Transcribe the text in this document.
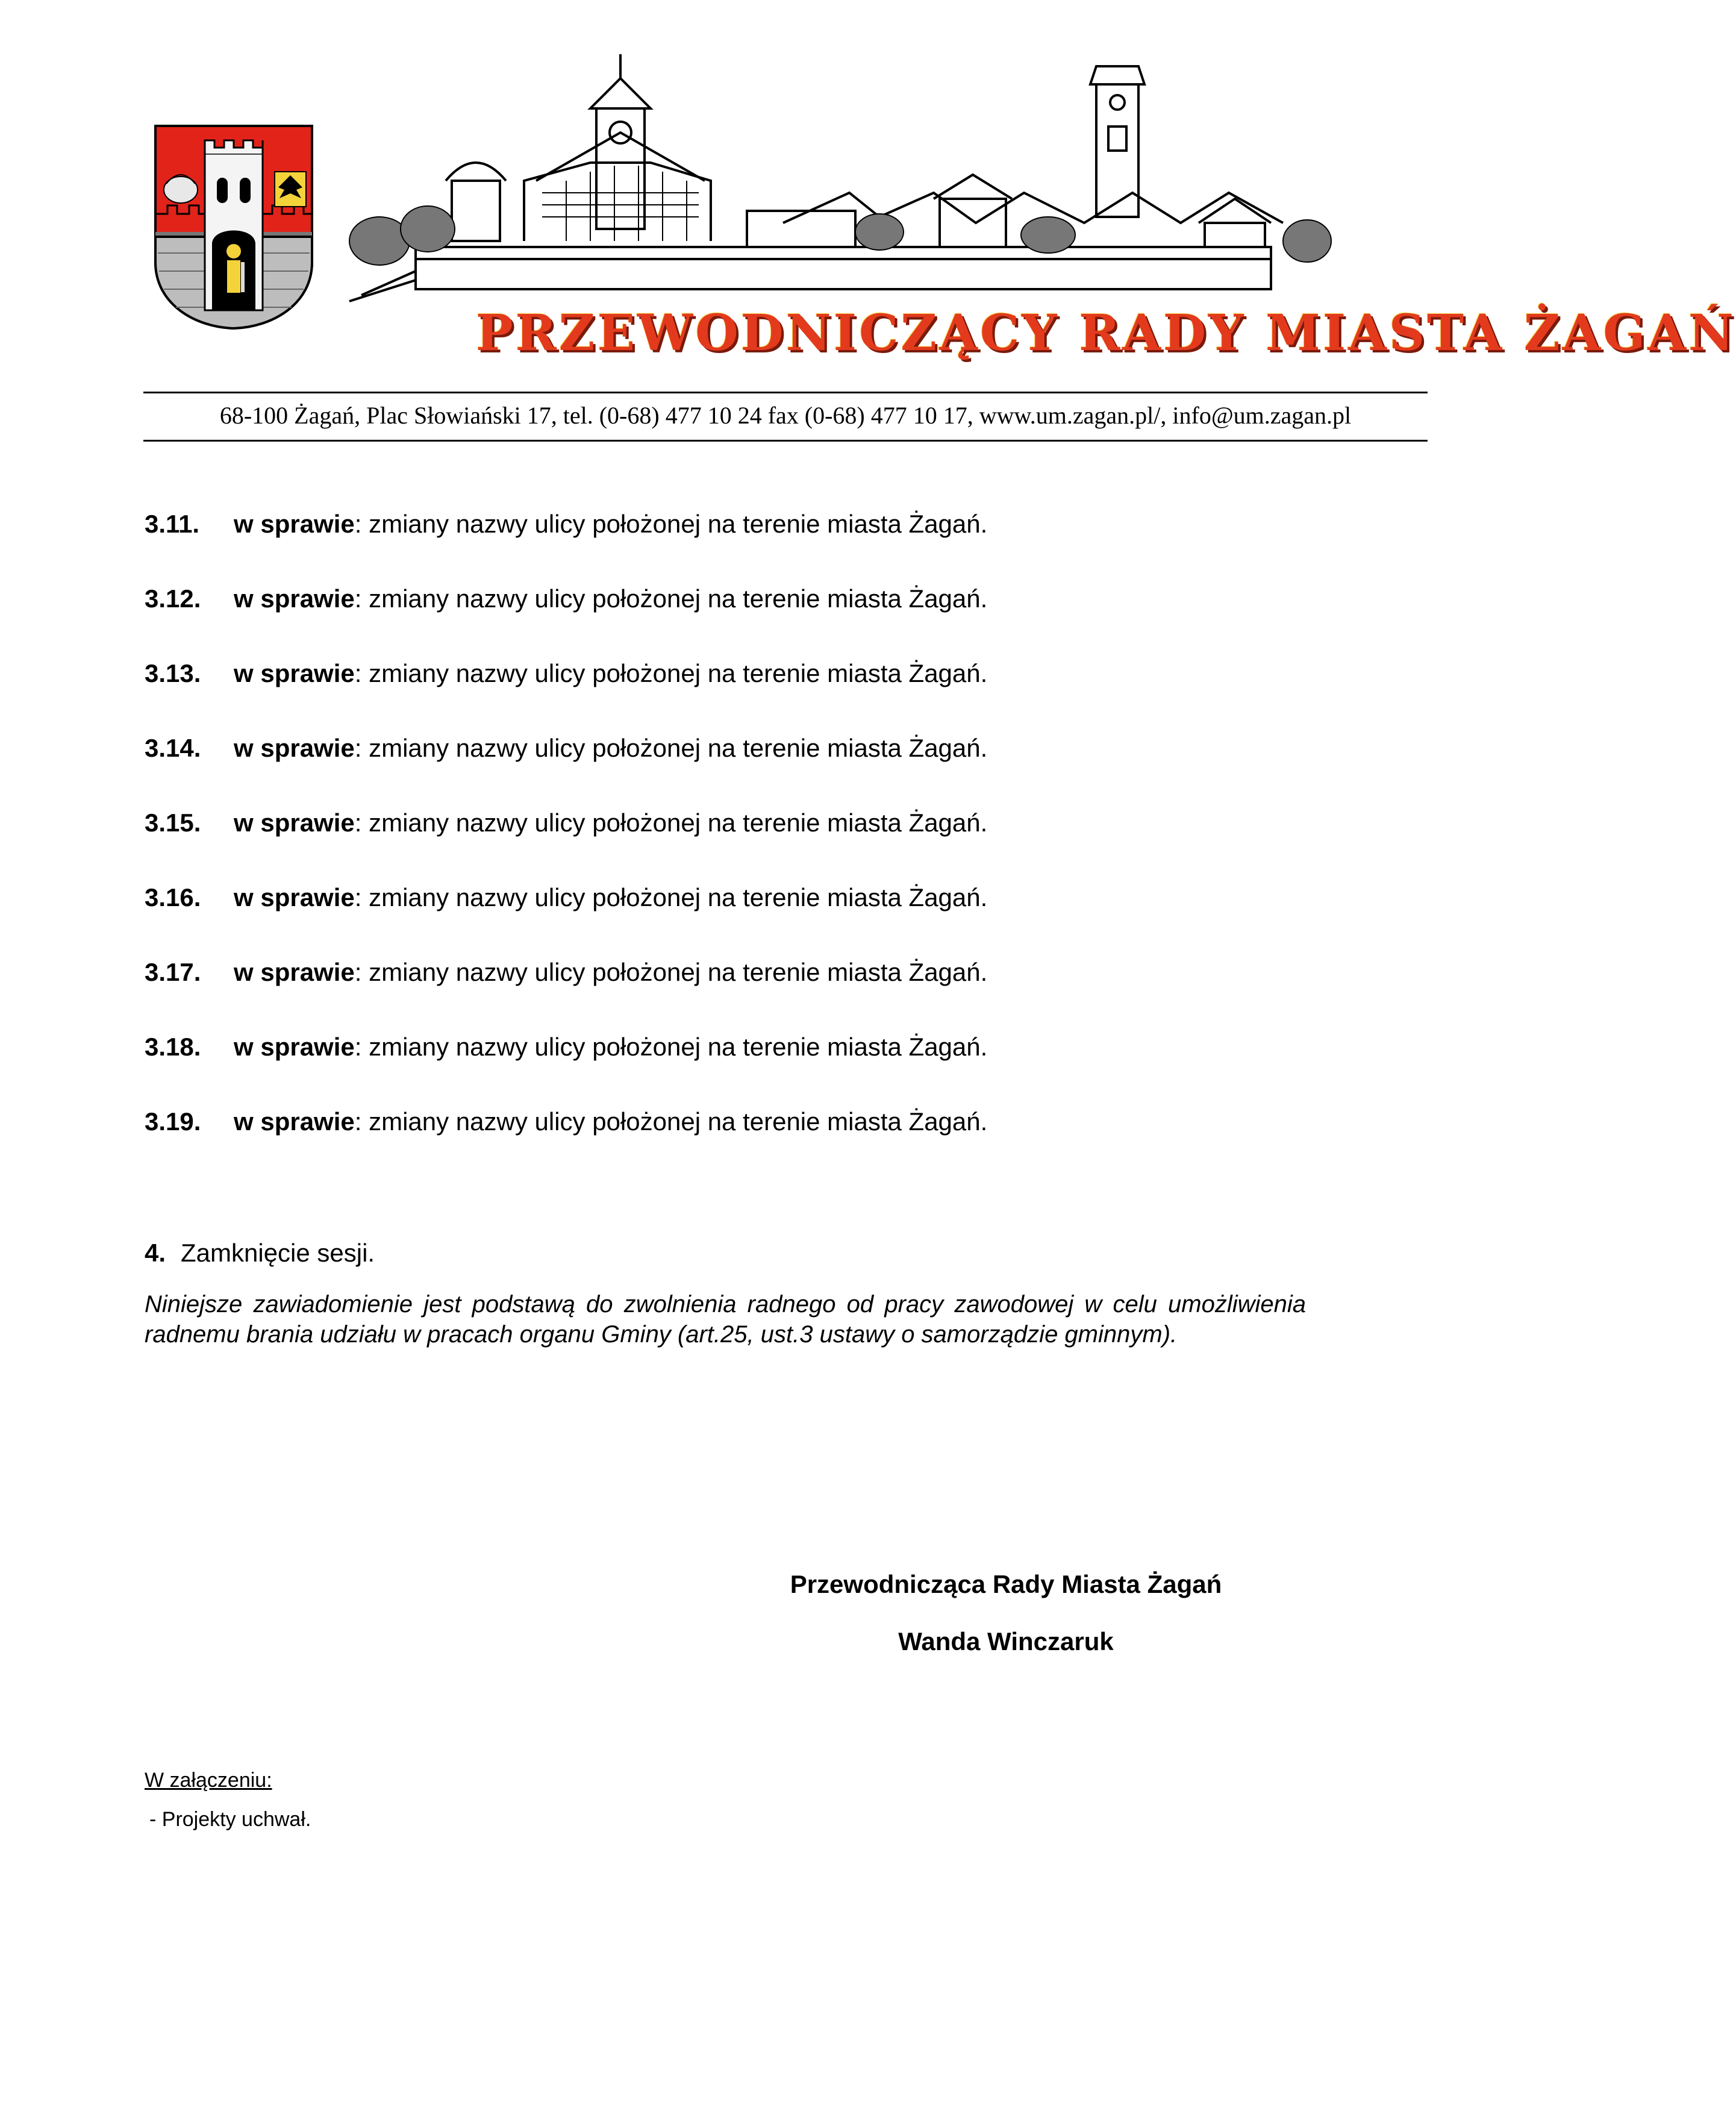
PRZEWODNICZĄCY RADY MIASTA ŻAGAŃ
68-100 Żagań, Plac Słowiański 17, tel. (0-68) 477 10 24 fax (0-68) 477 10 17, www.um.zagan.pl/, info@um.zagan.pl
3.11. w sprawie: zmiany nazwy ulicy położonej na terenie miasta Żagań.
3.12. w sprawie: zmiany nazwy ulicy położonej na terenie miasta Żagań.
3.13. w sprawie: zmiany nazwy ulicy położonej na terenie miasta Żagań.
3.14. w sprawie: zmiany nazwy ulicy położonej na terenie miasta Żagań.
3.15. w sprawie: zmiany nazwy ulicy położonej na terenie miasta Żagań.
3.16. w sprawie: zmiany nazwy ulicy położonej na terenie miasta Żagań.
3.17. w sprawie: zmiany nazwy ulicy położonej na terenie miasta Żagań.
3.18. w sprawie: zmiany nazwy ulicy położonej na terenie miasta Żagań.
3.19. w sprawie: zmiany nazwy ulicy położonej na terenie miasta Żagań.
4. Zamknięcie sesji.

Niniejsze zawiadomienie jest podstawą do zwolnienia radnego od pracy zawodowej w celu umożliwienia radnemu brania udziału w pracach organu Gminy (art.25, ust.3 ustawy o samorządzie gminnym).

Przewodnicząca Rady Miasta Żagań
Wanda Winczaruk
W załączeniu:
- Projekty uchwał.
